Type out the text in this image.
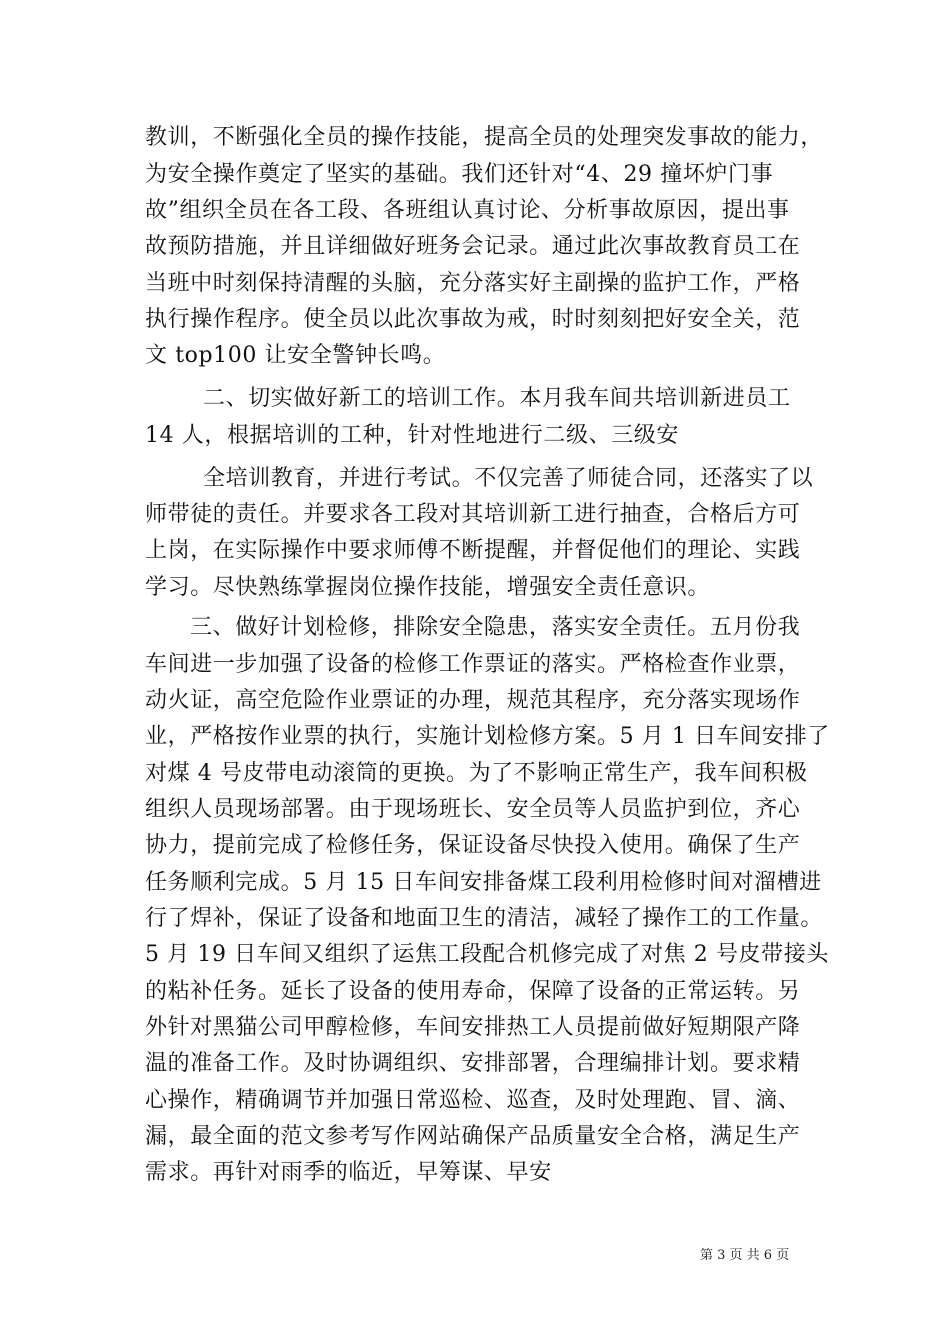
教训，不断强化全员的操作技能，提高全员的处理突发事故的能力，
为安全操作奠定了坚实的基础。我们还针对“4、29 撞坏炉门事
故”组织全员在各工段、各班组认真讨论、分析事故原因，提出事
故预防措施，并且详细做好班务会记录。通过此次事故教育员工在
当班中时刻保持清醒的头脑，充分落实好主副操的监护工作，严格
执行操作程序。使全员以此次事故为戒，时时刻刻把好安全关，范
文 top100 让安全警钟长鸣。
二、切实做好新工的培训工作。本月我车间共培训新进员工
14 人，根据培训的工种，针对性地进行二级、三级安
全培训教育，并进行考试。不仅完善了师徒合同，还落实了以
师带徒的责任。并要求各工段对其培训新工进行抽查，合格后方可
上岗，在实际操作中要求师傅不断提醒，并督促他们的理论、实践
学习。尽快熟练掌握岗位操作技能，增强安全责任意识。
三、做好计划检修，排除安全隐患，落实安全责任。五月份我
车间进一步加强了设备的检修工作票证的落实。严格检查作业票，
动火证，高空危险作业票证的办理，规范其程序，充分落实现场作
业，严格按作业票的执行，实施计划检修方案。5 月 1 日车间安排了
对煤 4 号皮带电动滚筒的更换。为了不影响正常生产，我车间积极
组织人员现场部署。由于现场班长、安全员等人员监护到位，齐心
协力，提前完成了检修任务，保证设备尽快投入使用。确保了生产
任务顺利完成。5 月 15 日车间安排备煤工段利用检修时间对溜槽进
行了焊补，保证了设备和地面卫生的清洁，减轻了操作工的工作量。
5 月 19 日车间又组织了运焦工段配合机修完成了对焦 2 号皮带接头
的粘补任务。延长了设备的使用寿命，保障了设备的正常运转。另
外针对黑猫公司甲醇检修，车间安排热工人员提前做好短期限产降
温的准备工作。及时协调组织、安排部署，合理编排计划。要求精
心操作，精确调节并加强日常巡检、巡查，及时处理跑、冒、滴、
漏，最全面的范文参考写作网站确保产品质量安全合格，满足生产
需求。再针对雨季的临近，早筹谋、早安
第 3 页 共 6 页
